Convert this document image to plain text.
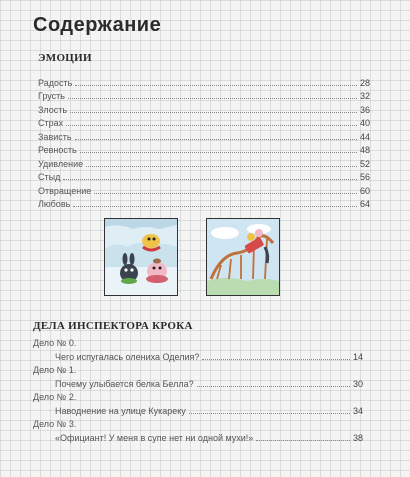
Содержание
ЭМОЦИИ
Радость	28
Грусть	32
Злость	36
Страх	40
Зависть	44
Ревность	48
Удивление	52
Стыд	56
Отвращение	60
Любовь	64
ДЕЛА ИНСПЕКТОРА КРОКА
Дело № 0.
Чего испугалась олениха Оделия?	14
Дело № 1.
Почему улыбается белка Белла?	30
Дело № 2.
Наводнение на улице Кукареку	34
Дело № 3.
«Официант! У меня в супе нет ни одной мухи!»	38
